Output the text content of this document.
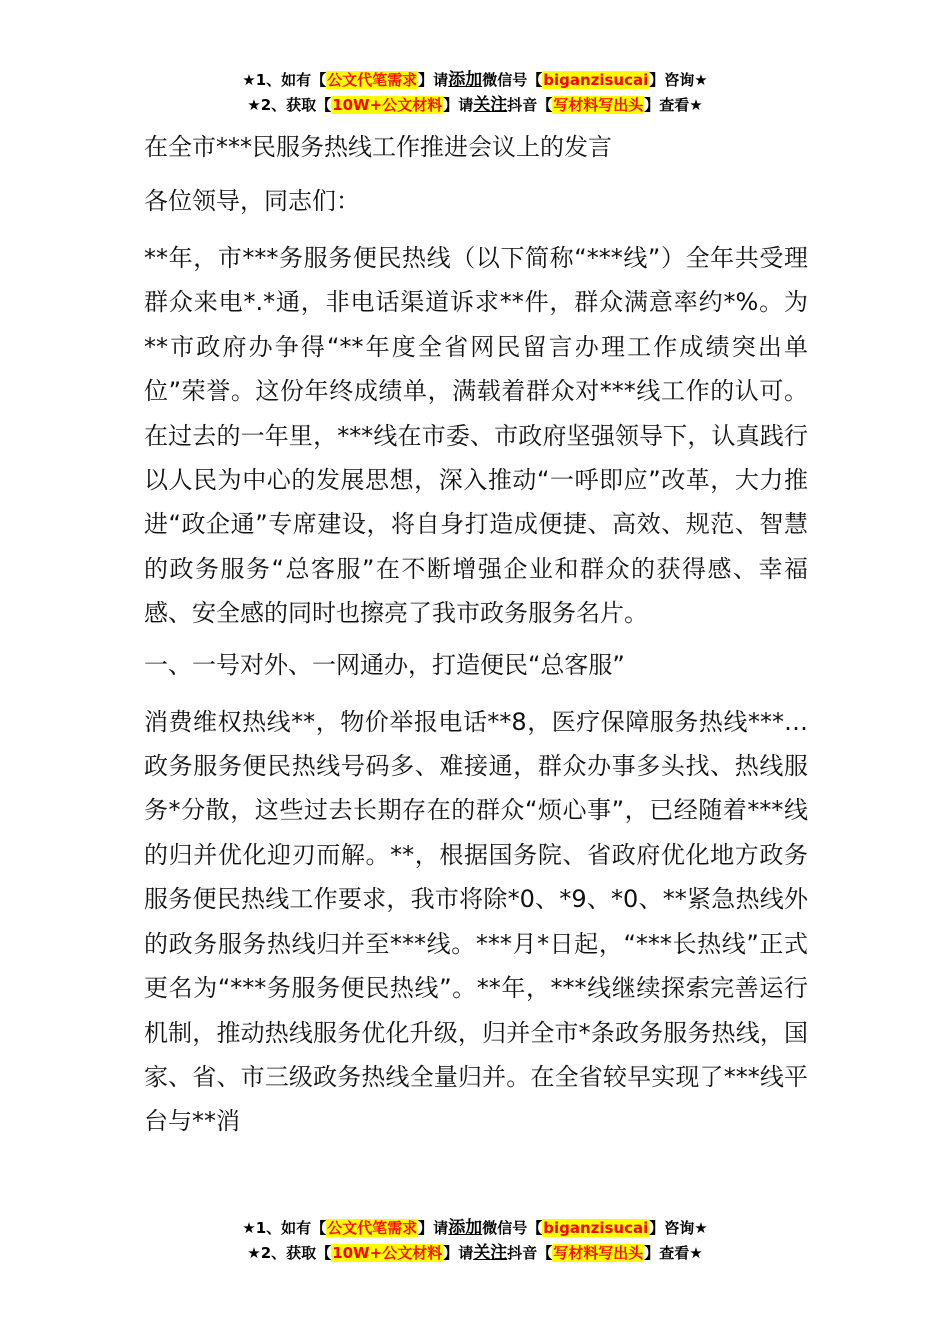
★1、如有【公文代笔需求】请添加微信号【biganzisucai】咨询★
★2、获取【10W+公文材料】请关注抖音【写材料写出头】查看★

在全市***民服务热线工作推进会议上的发言

各位领导，同志们：

**年，市***务服务便民热线（以下简称“***线”）全年共受理群众来电*.*通，非电话渠道诉求**件，群众满意率约*%。为**市政府办争得“**年度全省网民留言办理工作成绩突出单位”荣誉。这份年终成绩单，满载着群众对***线工作的认可。在过去的一年里，***线在市委、市政府坚强领导下，认真践行以人民为中心的发展思想，深入推动“一呼即应”改革，大力推进“政企通”专席建设，将自身打造成便捷、高效、规范、智慧的政务服务“总客服”在不断增强企业和群众的获得感、幸福感、安全感的同时也擦亮了我市政务服务名片。

一、一号对外、一网通办，打造便民“总客服”

消费维权热线**，物价举报电话**8，医疗保障服务热线***…政务服务便民热线号码多、难接通，群众办事多头找、热线服务*分散，这些过去长期存在的群众“烦心事”，已经随着***线的归并优化迎刃而解。**，根据国务院、省政府优化地方政务服务便民热线工作要求，我市将除*0、*9、*0、**紧急热线外的政务服务热线归并至***线。***月*日起，“***长热线”正式更名为“***务服务便民热线”。**年，***线继续探索完善运行机制，推动热线服务优化升级，归并全市*条政务服务热线，国家、省、市三级政务热线全量归并。在全省较早实现了***线平台与**消

★1、如有【公文代笔需求】请添加微信号【biganzisucai】咨询★
★2、获取【10W+公文材料】请关注抖音【写材料写出头】查看★
